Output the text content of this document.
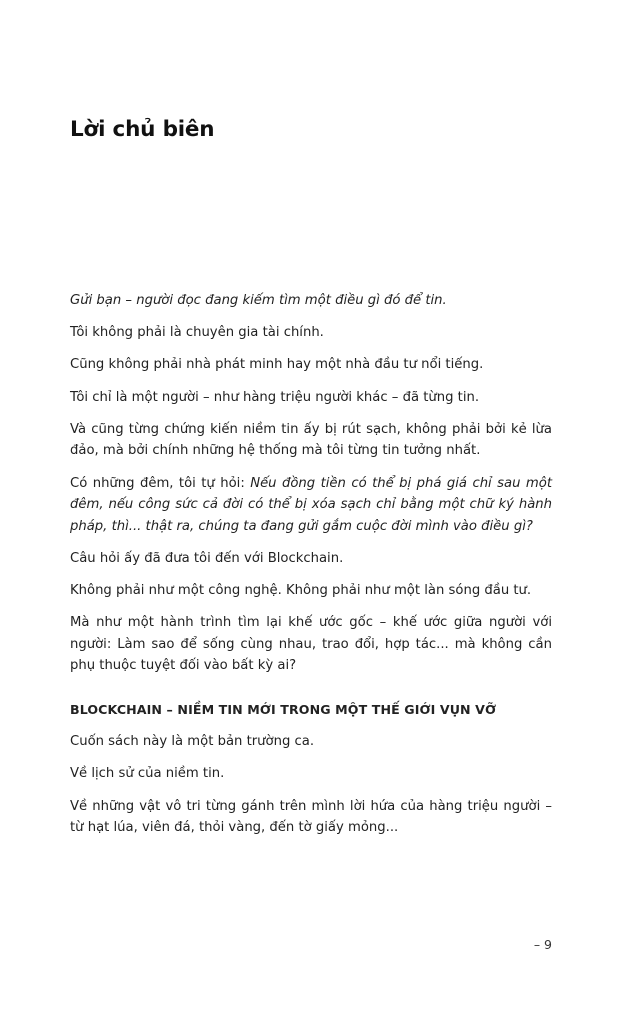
Lời chủ biên

Gửi bạn – người đọc đang kiếm tìm một điều gì đó để tin.

Tôi không phải là chuyên gia tài chính.

Cũng không phải nhà phát minh hay một nhà đầu tư nổi tiếng.

Tôi chỉ là một người – như hàng triệu người khác – đã từng tin.

Và cũng từng chứng kiến niềm tin ấy bị rút sạch, không phải bởi kẻ lừa đảo, mà bởi chính những hệ thống mà tôi từng tin tưởng nhất.

Có những đêm, tôi tự hỏi: Nếu đồng tiền có thể bị phá giá chỉ sau một đêm, nếu công sức cả đời có thể bị xóa sạch chỉ bằng một chữ ký hành pháp, thì... thật ra, chúng ta đang gửi gắm cuộc đời mình vào điều gì?

Câu hỏi ấy đã đưa tôi đến với Blockchain.

Không phải như một công nghệ. Không phải như một làn sóng đầu tư.

Mà như một hành trình tìm lại khế ước gốc – khế ước giữa người với người: Làm sao để sống cùng nhau, trao đổi, hợp tác... mà không cần phụ thuộc tuyệt đối vào bất kỳ ai?

BLOCKCHAIN – NIỀM TIN MỚI TRONG MỘT THẾ GIỚI VỤN VỠ

Cuốn sách này là một bản trường ca.

Về lịch sử của niềm tin.

Về những vật vô tri từng gánh trên mình lời hứa của hàng triệu người – từ hạt lúa, viên đá, thỏi vàng, đến tờ giấy mỏng...

– 9
